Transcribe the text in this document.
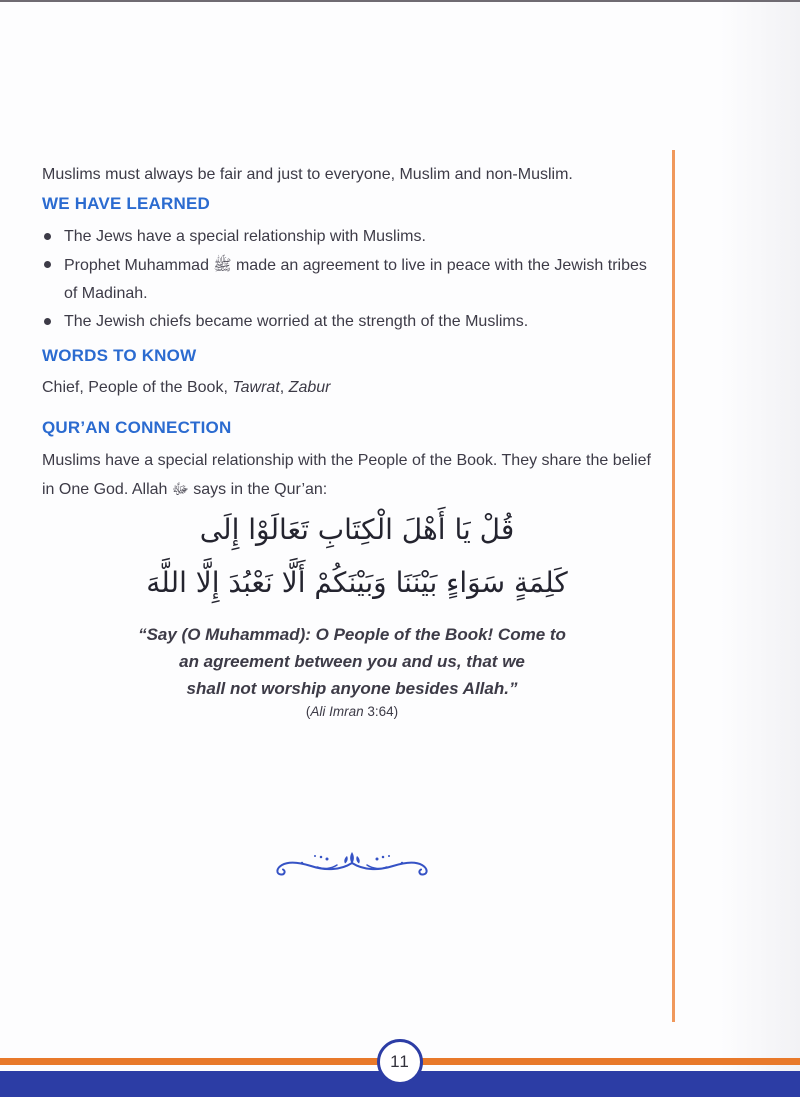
Muslims must always be fair and just to everyone, Muslim and non-Muslim.

WE HAVE LEARNED
The Jews have a special relationship with Muslims.
Prophet Muhammad ﷺ made an agreement to live in peace with the Jewish tribes of Madinah.
The Jewish chiefs became worried at the strength of the Muslims.
WORDS TO KNOW
Chief, People of the Book, Tawrat, Zabur
QUR’AN CONNECTION

Muslims have a special relationship with the People of the Book. They share the belief in One God. Allah ﷻ says in the Qur’an:

قُلْ يَا أَهْلَ الْكِتَابِ تَعَالَوْا إِلَى
كَلِمَةٍ سَوَاءٍ بَيْنَنَا وَبَيْنَكُمْ أَلَّا نَعْبُدَ إِلَّا اللَّهَ
“Say (O Muhammad): O People of the Book! Come to
an agreement between you and us, that we
shall not worship anyone besides Allah.”
(Ali Imran 3:64)
11
